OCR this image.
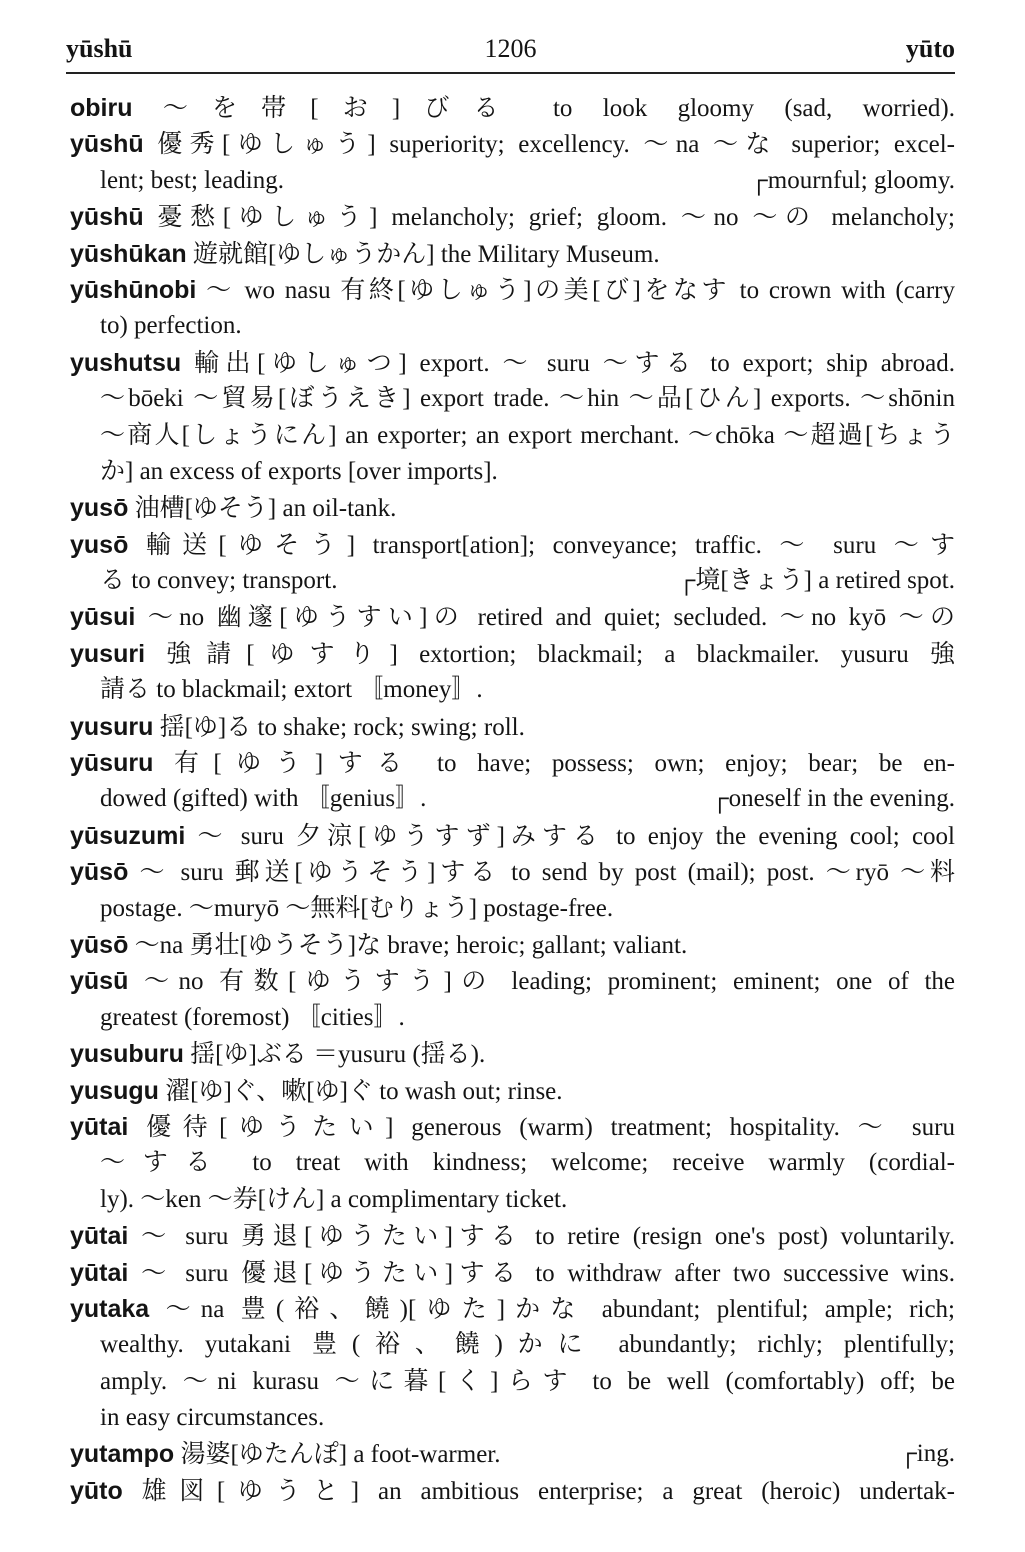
yūshū	1206	yūto
obiru ～を帯[お]びる to look gloomy (sad, worried).
yūshū 優秀[ゆしゅう] superiority; excellency. ～na ～な superior; excel-
lent; best; leading.	┌mournful; gloomy.
yūshū 憂愁[ゆしゅう] melancholy; grief; gloom. ～no ～の melancholy;
yūshūkan 遊就館[ゆしゅうかん] the Military Museum.
yūshūnobi ～ wo nasu 有終[ゆしゅう]の美[び]をなす to crown with (carry
to) perfection.
yushutsu 輸出[ゆしゅつ] export. ～ suru ～する to export; ship abroad.
～bōeki ～貿易[ぼうえき] export trade. ～hin ～品[ひん] exports. ～shōnin
～商人[しょうにん] an exporter; an export merchant. ～chōka ～超過[ちょう
か] an excess of exports [over imports].
yusō 油槽[ゆそう] an oil-tank.
yusō 輸送[ゆそう] transport[ation]; conveyance; traffic. ～ suru ～す
る to convey; transport.	┌境[きょう] a retired spot.
yūsui ～no 幽邃[ゆうすい]の retired and quiet; secluded. ～no kyō ～の
yusuri 強請[ゆすり] extortion; blackmail; a blackmailer. yusuru 強
請る to blackmail; extort 〚money〛.
yusuru 揺[ゆ]る to shake; rock; swing; roll.
yūsuru 有[ゆう]する to have; possess; own; enjoy; bear; be en-
dowed (gifted) with 〚genius〛.	┌oneself in the evening.
yūsuzumi ～ suru 夕涼[ゆうすず]みする to enjoy the evening cool; cool
yūsō ～ suru 郵送[ゆうそう]する to send by post (mail); post. ～ryō ～料
postage. ～muryō ～無料[むりょう] postage-free.
yūsō ～na 勇壮[ゆうそう]な brave; heroic; gallant; valiant.
yūsū ～no 有数[ゆうすう]の leading; prominent; eminent; one of the
greatest (foremost) 〚cities〛.
yusuburu 揺[ゆ]ぶる ＝yusuru (揺る).
yusugu 濯[ゆ]ぐ、嗽[ゆ]ぐ to wash out; rinse.
yūtai 優待[ゆうたい] generous (warm) treatment; hospitality. ～ suru
～する to treat with kindness; welcome; receive warmly (cordial-
ly). ～ken ～券[けん] a complimentary ticket.
yūtai ～ suru 勇退[ゆうたい]する to retire (resign one's post) voluntarily.
yūtai ～ suru 優退[ゆうたい]する to withdraw after two successive wins.
yutaka ～na 豊(裕、饒)[ゆた]かな abundant; plentiful; ample; rich;
wealthy. yutakani 豊(裕、饒)かに abundantly; richly; plentifully;
amply. ～ni kurasu ～に暮[く]らす to be well (comfortably) off; be
in easy circumstances.
yutampo 湯婆[ゆたんぽ] a foot-warmer.	┌ing.
yūto 雄図[ゆうと] an ambitious enterprise; a great (heroic) undertak-
